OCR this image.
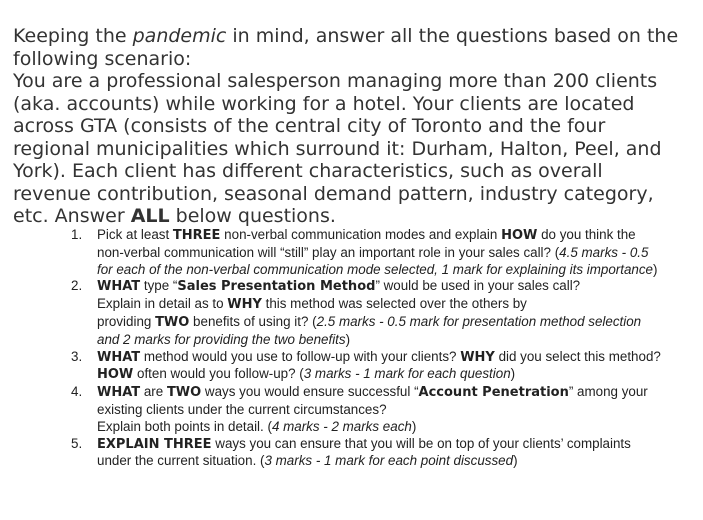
Keeping the pandemic in mind, answer all the questions based on the following scenario:

You are a professional salesperson managing more than 200 clients (aka. accounts) while working for a hotel. Your clients are located across GTA (consists of the central city of Toronto and the four regional municipalities which surround it: Durham, Halton, Peel, and York). Each client has different characteristics, such as overall revenue contribution, seasonal demand pattern, industry category, etc. Answer ALL below questions.

1. Pick at least THREE non-verbal communication modes and explain HOW do you think the non-verbal communication will “still” play an important role in your sales call? (4.5 marks - 0.5 for each of the non-verbal communication mode selected, 1 mark for explaining its importance)
2. WHAT type “Sales Presentation Method” would be used in your sales call?
Explain in detail as to WHY this method was selected over the others by
providing TWO benefits of using it? (2.5 marks - 0.5 mark for presentation method selection and 2 marks for providing the two benefits)
3. WHAT method would you use to follow-up with your clients? WHY did you select this method? HOW often would you follow-up? (3 marks - 1 mark for each question)
4. WHAT are TWO ways you would ensure successful “Account Penetration” among your existing clients under the current circumstances?
Explain both points in detail. (4 marks - 2 marks each)
5. EXPLAIN THREE ways you can ensure that you will be on top of your clients’ complaints under the current situation. (3 marks - 1 mark for each point discussed)
